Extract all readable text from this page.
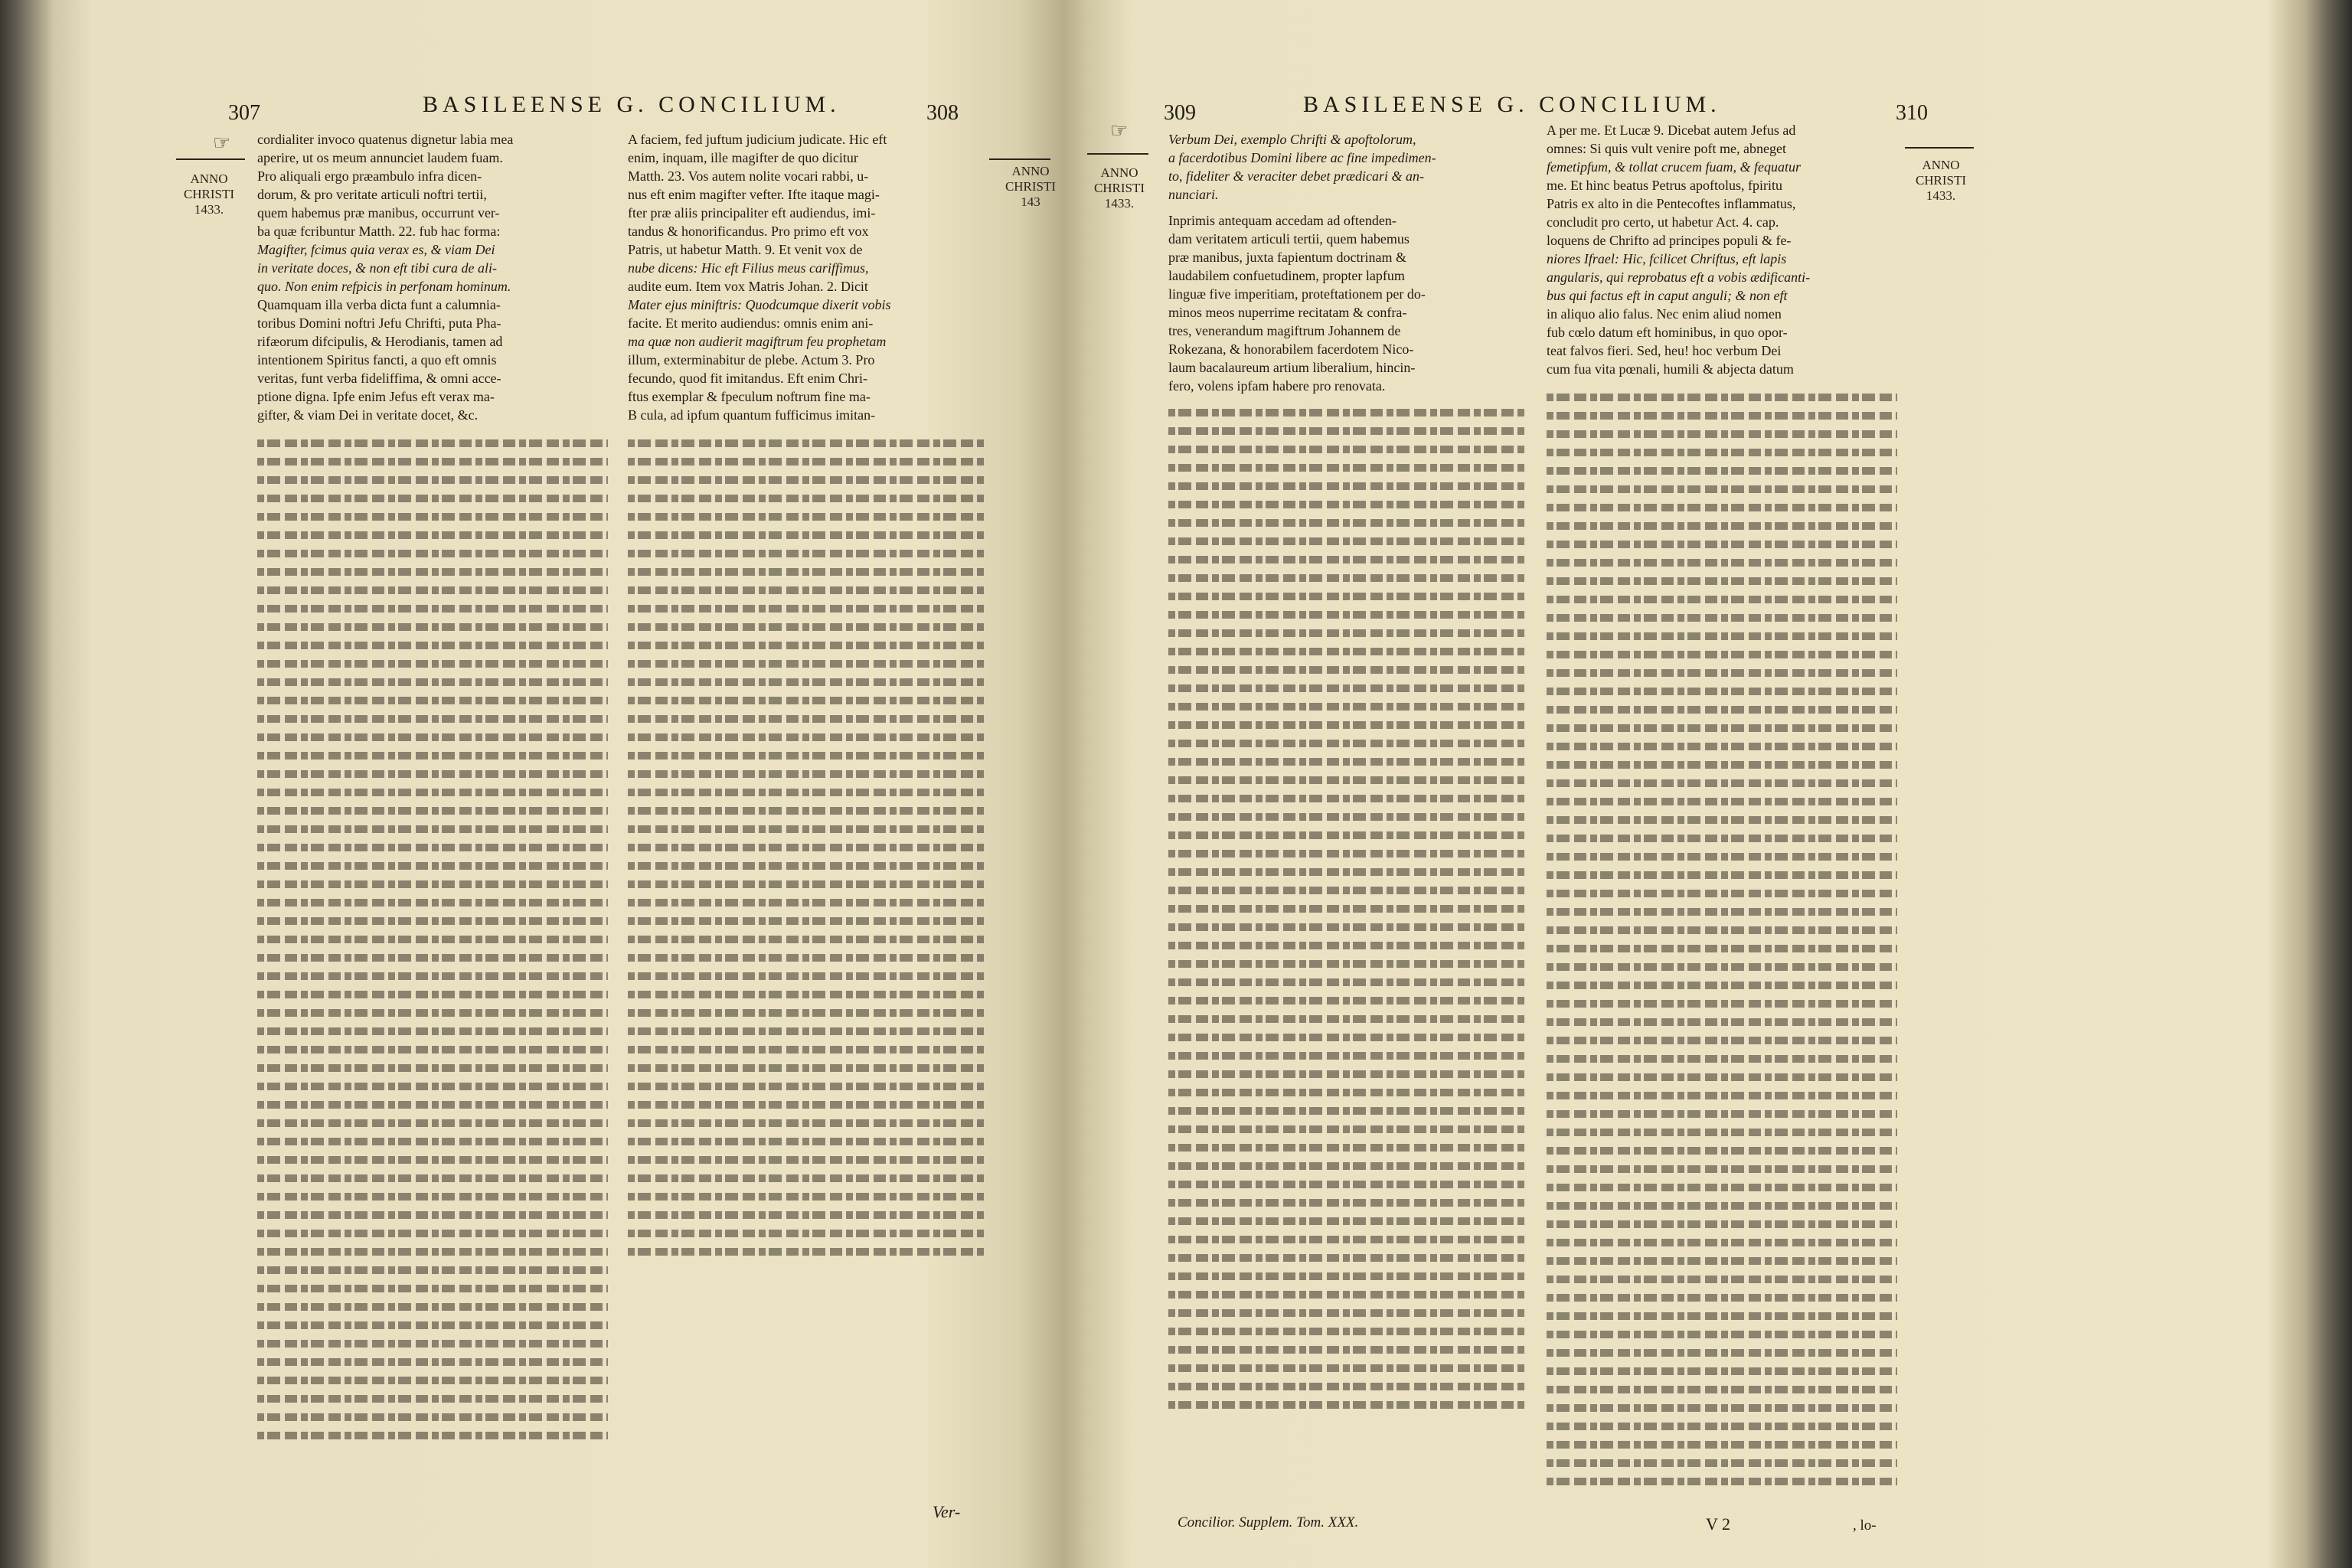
307	BASILEENSE G. CONCILIUM.	308
☞
ANNO
CHRISTI
1433.
ANNO
CHRISTI
143
cordialiter invoco quatenus dignetur labia mea
aperire, ut os meum annunciet laudem fuam.
Pro aliquali ergo præambulo infra dicen-
dorum, & pro veritate articuli noftri tertii,
quem habemus præ manibus, occurrunt ver-
ba quæ fcribuntur Matth. 22. fub hac forma:
Magifter, fcimus quia verax es, & viam Dei
in veritate doces, & non eft tibi cura de ali-
quo. Non enim refpicis in perfonam hominum.
Quamquam illa verba dicta funt a calumnia-
toribus Domini noftri Jefu Chrifti, puta Pha-
rifæorum difcipulis, & Herodianis, tamen ad
intentionem Spiritus fancti, a quo eft omnis
veritas, funt verba fideliffima, & omni acce-
ptione digna. Ipfe enim Jefus eft verax ma-
gifter, & viam Dei in veritate docet, &c.
A faciem, fed juftum judicium judicate. Hic eft
enim, inquam, ille magifter de quo dicitur
Matth. 23. Vos autem nolite vocari rabbi, u-
nus eft enim magifter vefter. Ifte itaque magi-
fter præ aliis principaliter eft audiendus, imi-
tandus & honorificandus. Pro primo eft vox
Patris, ut habetur Matth. 9. Et venit vox de
nube dicens: Hic eft Filius meus cariffimus,
audite eum. Item vox Matris Johan. 2. Dicit
Mater ejus miniftris: Quodcumque dixerit vobis
facite. Et merito audiendus: omnis enim ani-
ma quæ non audierit magiftrum feu prophetam
illum, exterminabitur de plebe. Actum 3. Pro
fecundo, quod fit imitandus. Eft enim Chri-
ftus exemplar & fpeculum noftrum fine ma-
B cula, ad ipfum quantum fufficimus imitan-
Ver-
309	BASILEENSE G. CONCILIUM.	310
☞
ANNO
CHRISTI
1433.
ANNO
CHRISTI
1433.
Verbum Dei, exemplo Chrifti & apoftolorum,
a facerdotibus Domini libere ac fine impedimen-
to, fideliter & veraciter debet prædicari & an-
nunciari.
Inprimis antequam accedam ad oftenden-
dam veritatem articuli tertii, quem habemus
præ manibus, juxta fapientum doctrinam &
laudabilem confuetudinem, propter lapfum
linguæ five imperitiam, proteftationem per do-
minos meos nuperrime recitatam & confra-
tres, venerandum magiftrum Johannem de
Rokezana, & honorabilem facerdotem Nico-
laum bacalaureum artium liberalium, hincin-
fero, volens ipfam habere pro renovata.
A per me. Et Lucæ 9. Dicebat autem Jefus ad
omnes: Si quis vult venire poft me, abneget
femetipfum, & tollat crucem fuam, & fequatur
me. Et hinc beatus Petrus apoftolus, fpiritu
Patris ex alto in die Pentecoftes inflammatus,
concludit pro certo, ut habetur Act. 4. cap.
loquens de Chrifto ad principes populi & fe-
niores Ifrael: Hic, fcilicet Chriftus, eft lapis
angularis, qui reprobatus eft a vobis ædificanti-
bus qui factus eft in caput anguli; & non eft
in aliquo alio falus. Nec enim aliud nomen
fub cœlo datum eft hominibus, in quo opor-
teat falvos fieri. Sed, heu! hoc verbum Dei
cum fua vita pœnali, humili & abjecta datum
Concilior. Supplem. Tom. XXX.	V 2	, lo-
